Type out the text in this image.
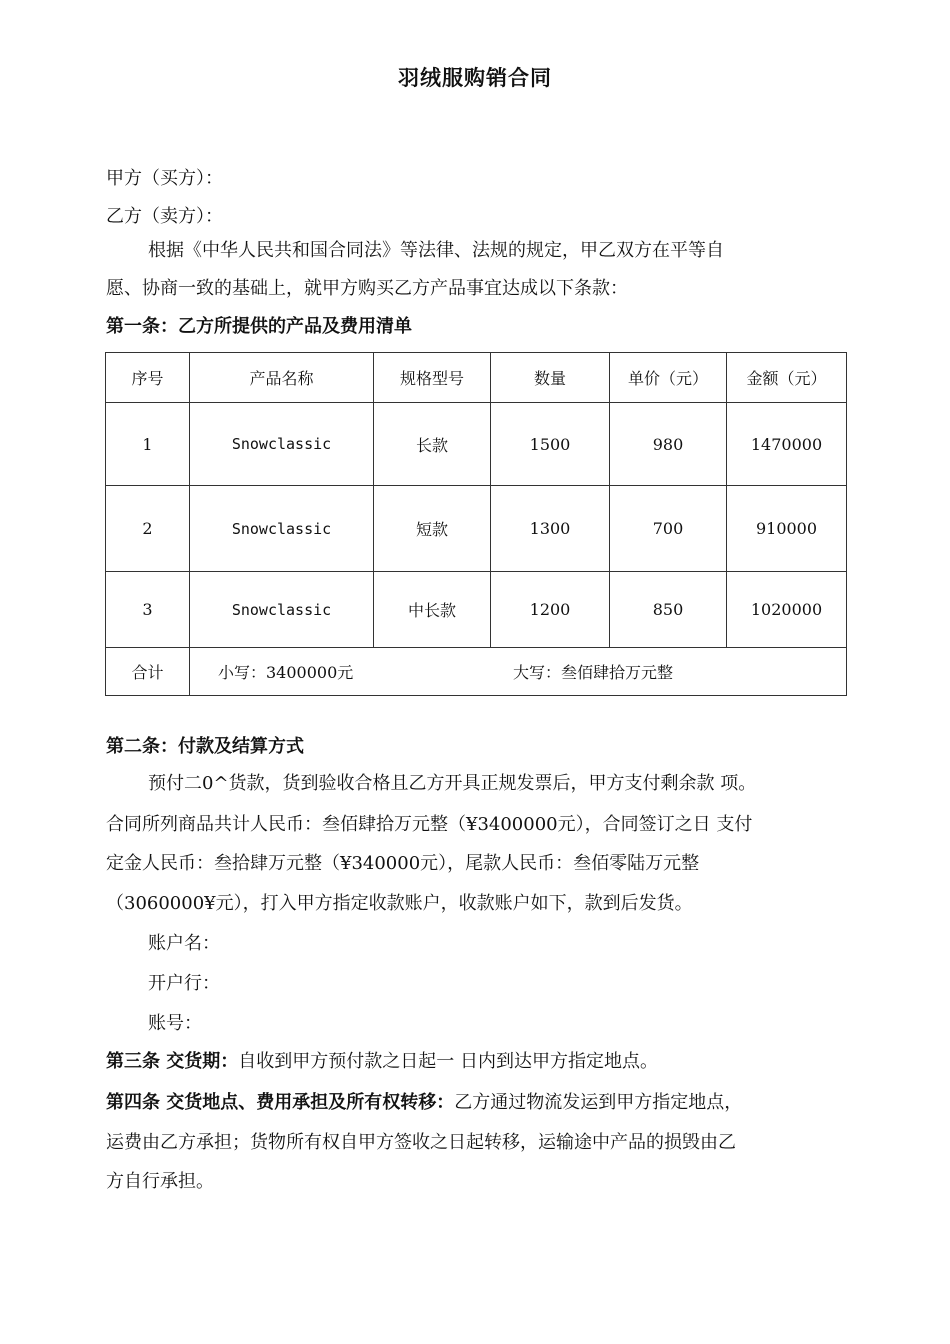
羽绒服购销合同
甲方（买方）：
乙方（卖方）：
根据《中华人民共和国合同法》等法律、法规的规定，甲乙双方在平等自
愿、协商一致的基础上，就甲方购买乙方产品事宜达成以下条款：
第一条：乙方所提供的产品及费用清单
序号	产品名称	规格型号	数量	单价（元）	金额（元）
1	Snowclassic	长款	1500	980	1470000
2	Snowclassic	短款	1300	700	910000
3	Snowclassic	中长款	1200	850	1020000
合计	小写：3400000元 大写：叁佰肆拾万元整				
第二条：付款及结算方式
预付二0^货款，货到验收合格且乙方开具正规发票后，甲方支付剩余款 项。
合同所列商品共计人民币：叁佰肆拾万元整（¥3400000元），合同签订之日 支付
定金人民币：叁拾肆万元整（¥340000元），尾款人民币：叁佰零陆万元整
（3060000¥元），打入甲方指定收款账户，收款账户如下，款到后发货。
账户名：
开户行：
账号：
第三条 交货期：自收到甲方预付款之日起一 日内到达甲方指定地点。
第四条 交货地点、费用承担及所有权转移：乙方通过物流发运到甲方指定地点，
运费由乙方承担；货物所有权自甲方签收之日起转移，运输途中产品的损毁由乙
方自行承担。
